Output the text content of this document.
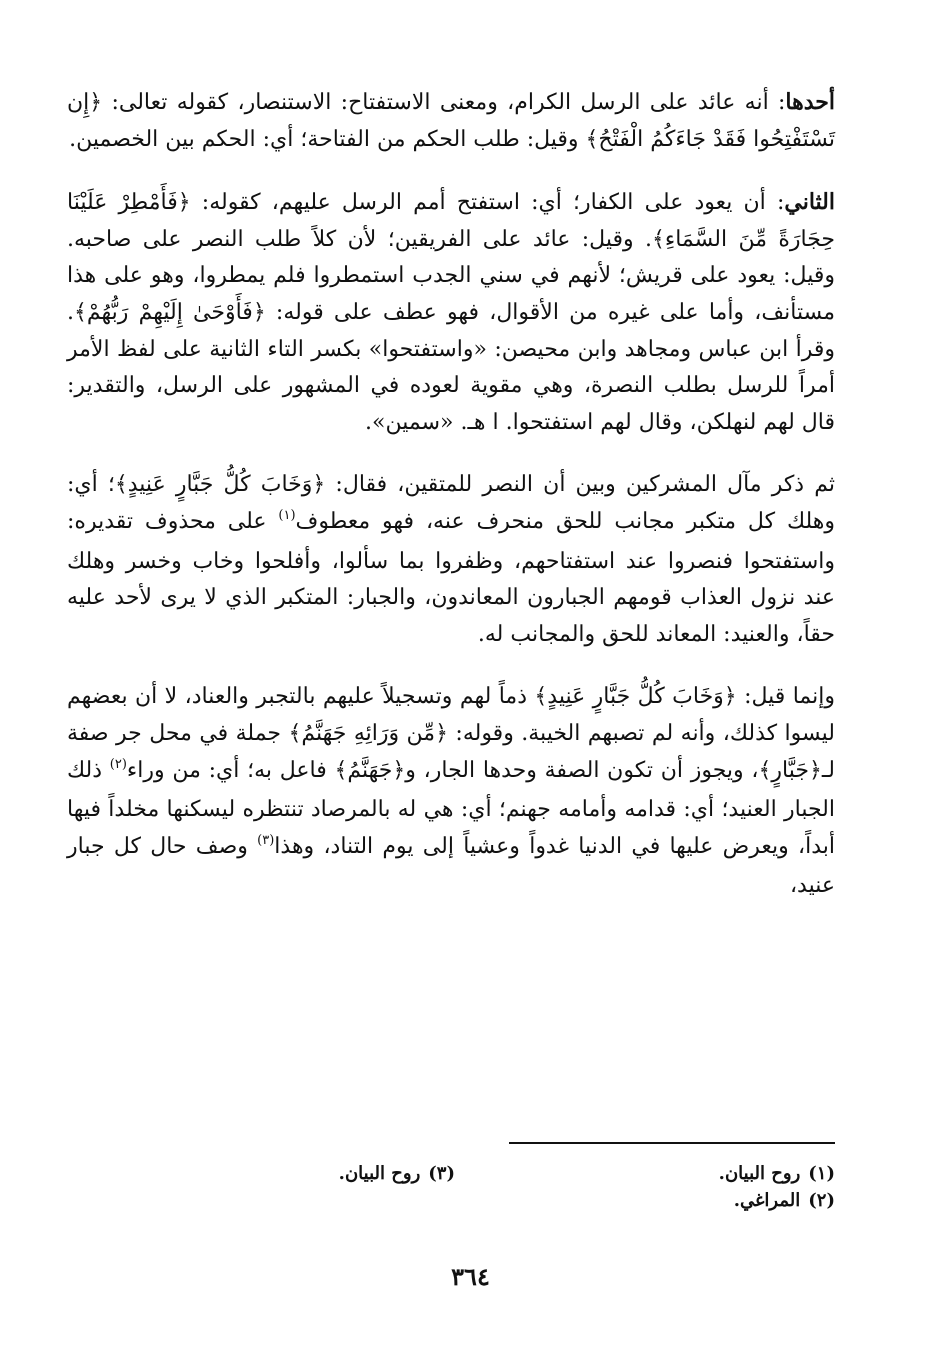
أحدها: أنه عائد على الرسل الكرام، ومعنى الاستفتاح: الاستنصار، كقوله تعالى: ﴿إِن تَسْتَفْتِحُوا فَقَدْ جَاءَكُمُ الْفَتْحُ﴾ وقيل: طلب الحكم من الفتاحة؛ أي: الحكم بين الخصمين.

الثاني: أن يعود على الكفار؛ أي: استفتح أمم الرسل عليهم، كقوله: ﴿فَأَمْطِرْ عَلَيْنَا حِجَارَةً مِّنَ السَّمَاءِ﴾. وقيل: عائد على الفريقين؛ لأن كلاً طلب النصر على صاحبه. وقيل: يعود على قريش؛ لأنهم في سني الجدب استمطروا فلم يمطروا، وهو على هذا مستأنف، وأما على غيره من الأقوال، فهو عطف على قوله: ﴿فَأَوْحَىٰ إِلَيْهِمْ رَبُّهُمْ﴾. وقرأ ابن عباس ومجاهد وابن محيصن: «واستفتحوا» بكسر التاء الثانية على لفظ الأمر أمراً للرسل بطلب النصرة، وهي مقوية لعوده في المشهور على الرسل، والتقدير: قال لهم لنهلكن، وقال لهم استفتحوا. ا هـ. «سمين».

ثم ذكر مآل المشركين وبين أن النصر للمتقين، فقال: ﴿وَخَابَ كُلُّ جَبَّارٍ عَنِيدٍ﴾؛ أي: وهلك كل متكبر مجانب للحق منحرف عنه، فهو معطوف$^{(١)}$ على محذوف تقديره: واستفتحوا فنصروا عند استفتاحهم، وظفروا بما سألوا، وأفلحوا وخاب وخسر وهلك عند نزول العذاب قومهم الجبارون المعاندون، والجبار: المتكبر الذي لا يرى لأحد عليه حقاً، والعنيد: المعاند للحق والمجانب له.

وإنما قيل: ﴿وَخَابَ كُلُّ جَبَّارٍ عَنِيدٍ﴾ ذماً لهم وتسجيلاً عليهم بالتجبر والعناد، لا أن بعضهم ليسوا كذلك، وأنه لم تصبهم الخيبة. وقوله: ﴿مِّن وَرَائِهِ جَهَنَّمُ﴾ جملة في محل جر صفة لـ﴿جَبَّارٍ﴾، ويجوز أن تكون الصفة وحدها الجار، و﴿جَهَنَّمُ﴾ فاعل به؛ أي: من وراء$^{(٢)}$ ذلك الجبار العنيد؛ أي: قدامه وأمامه جهنم؛ أي: هي له بالمرصاد تنتظره ليسكنها مخلداً فيها أبداً، ويعرض عليها في الدنيا غدواً وعشياً إلى يوم التناد، وهذا$^{(٣)}$ وصف حال كل جبار عنيد،

(١)روح البيان.
(٣)روح البيان.
(٢)المراغي.
٣٦٤
